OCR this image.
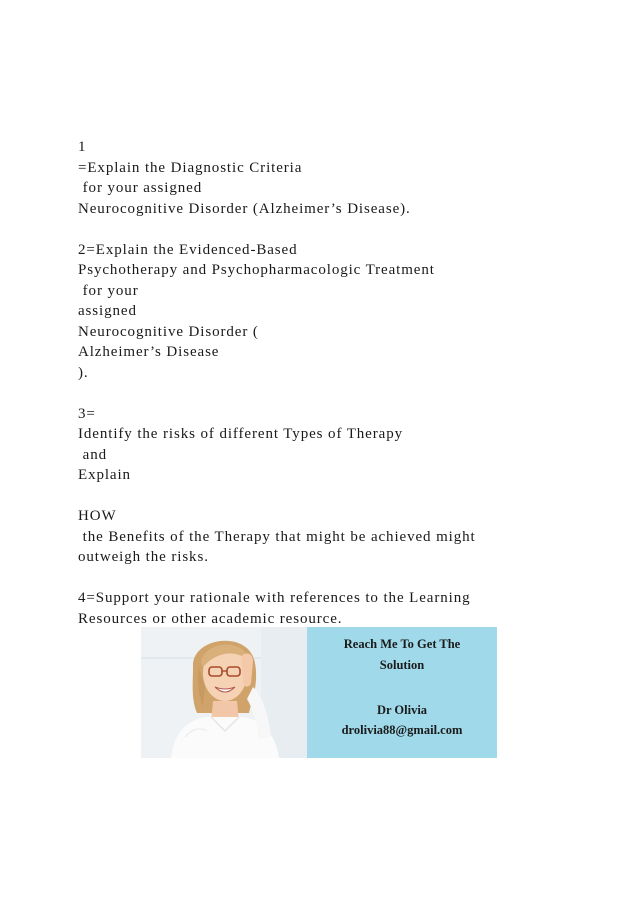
1
=Explain the Diagnostic Criteria
for your assigned
Neurocognitive Disorder (Alzheimer’s Disease).
2=Explain the Evidenced-Based
Psychotherapy and Psychopharmacologic Treatment
for your
assigned
Neurocognitive Disorder (
Alzheimer’s Disease
).
3=
Identify the risks of different Types of Therapy
and
Explain
HOW
the Benefits of the Therapy that might be achieved might
outweigh the risks.
4=Support your rationale with references to the Learning
Resources or other academic resource.
Reach Me To Get The
Solution
Dr Olivia
drolivia88@gmail.com
